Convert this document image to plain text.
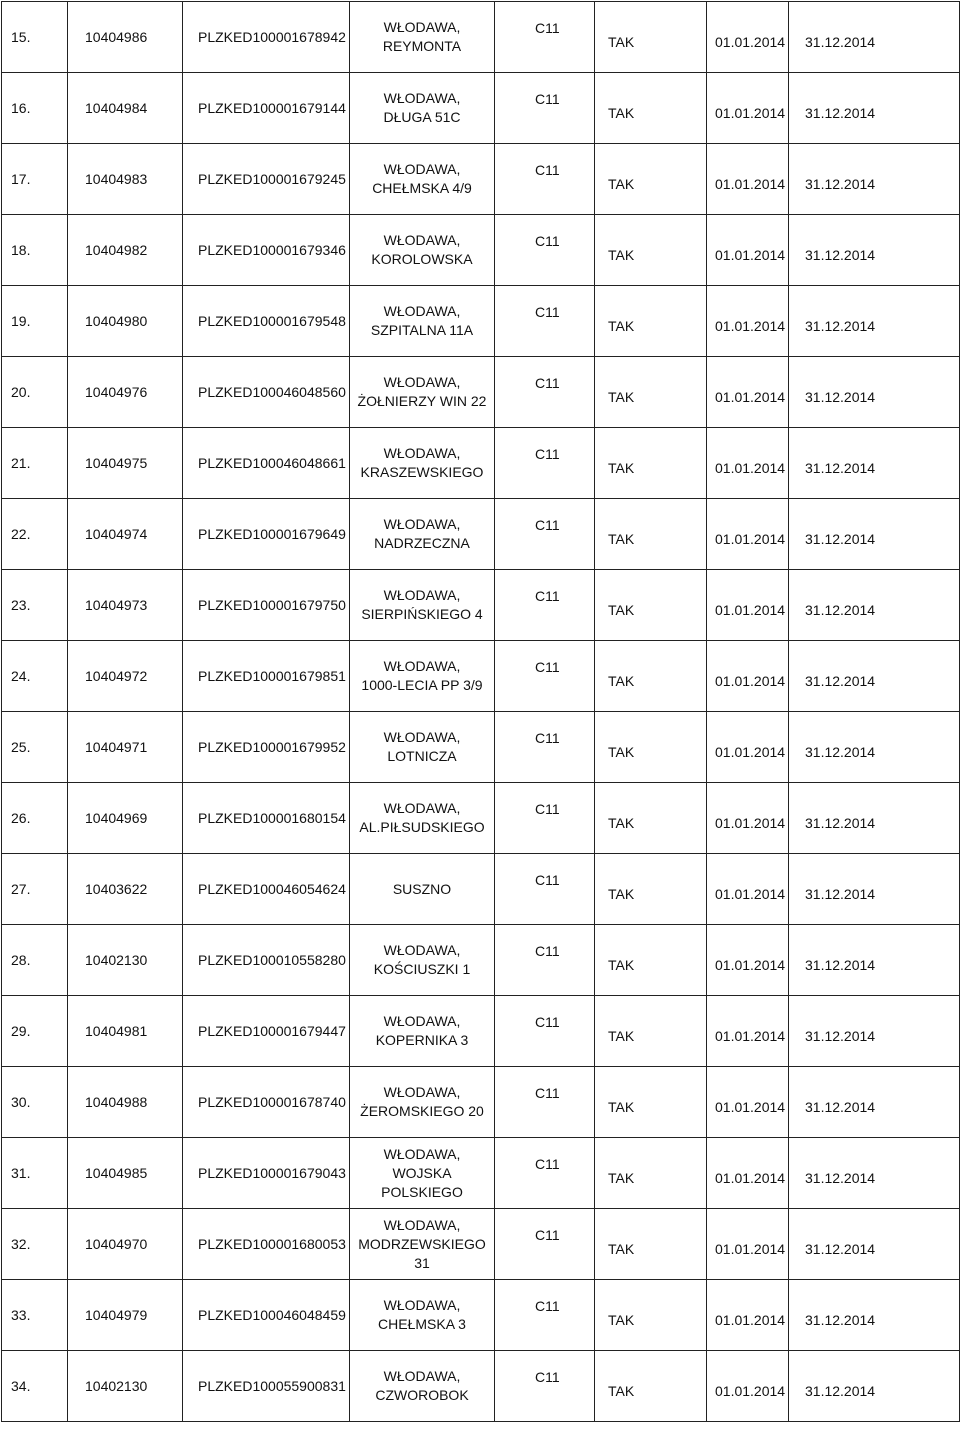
15.	10404986	PLZKED100001678942	WŁODAWA,
REYMONTA	C11	TAK	01.01.2014	31.12.2014
16.	10404984	PLZKED100001679144	WŁODAWA,
DŁUGA 51C	C11	TAK	01.01.2014	31.12.2014
17.	10404983	PLZKED100001679245	WŁODAWA,
CHEŁMSKA 4/9	C11	TAK	01.01.2014	31.12.2014
18.	10404982	PLZKED100001679346	WŁODAWA,
KOROLOWSKA	C11	TAK	01.01.2014	31.12.2014
19.	10404980	PLZKED100001679548	WŁODAWA,
SZPITALNA 11A	C11	TAK	01.01.2014	31.12.2014
20.	10404976	PLZKED100046048560	WŁODAWA,
ŻOŁNIERZY WIN 22	C11	TAK	01.01.2014	31.12.2014
21.	10404975	PLZKED100046048661	WŁODAWA,
KRASZEWSKIEGO	C11	TAK	01.01.2014	31.12.2014
22.	10404974	PLZKED100001679649	WŁODAWA,
NADRZECZNA	C11	TAK	01.01.2014	31.12.2014
23.	10404973	PLZKED100001679750	WŁODAWA,
SIERPIŃSKIEGO 4	C11	TAK	01.01.2014	31.12.2014
24.	10404972	PLZKED100001679851	WŁODAWA,
1000-LECIA PP 3/9	C11	TAK	01.01.2014	31.12.2014
25.	10404971	PLZKED100001679952	WŁODAWA,
LOTNICZA	C11	TAK	01.01.2014	31.12.2014
26.	10404969	PLZKED100001680154	WŁODAWA,
AL.PIŁSUDSKIEGO	C11	TAK	01.01.2014	31.12.2014
27.	10403622	PLZKED100046054624	SUSZNO	C11	TAK	01.01.2014	31.12.2014
28.	10402130	PLZKED100010558280	WŁODAWA,
KOŚCIUSZKI 1	C11	TAK	01.01.2014	31.12.2014
29.	10404981	PLZKED100001679447	WŁODAWA,
KOPERNIKA 3	C11	TAK	01.01.2014	31.12.2014
30.	10404988	PLZKED100001678740	WŁODAWA,
ŻEROMSKIEGO 20	C11	TAK	01.01.2014	31.12.2014
31.	10404985	PLZKED100001679043	WŁODAWA,
WOJSKA
POLSKIEGO	C11	TAK	01.01.2014	31.12.2014
32.	10404970	PLZKED100001680053	WŁODAWA,
MODRZEWSKIEGO
31	C11	TAK	01.01.2014	31.12.2014
33.	10404979	PLZKED100046048459	WŁODAWA,
CHEŁMSKA 3	C11	TAK	01.01.2014	31.12.2014
34.	10402130	PLZKED100055900831	WŁODAWA,
CZWOROBOK	C11	TAK	01.01.2014	31.12.2014
